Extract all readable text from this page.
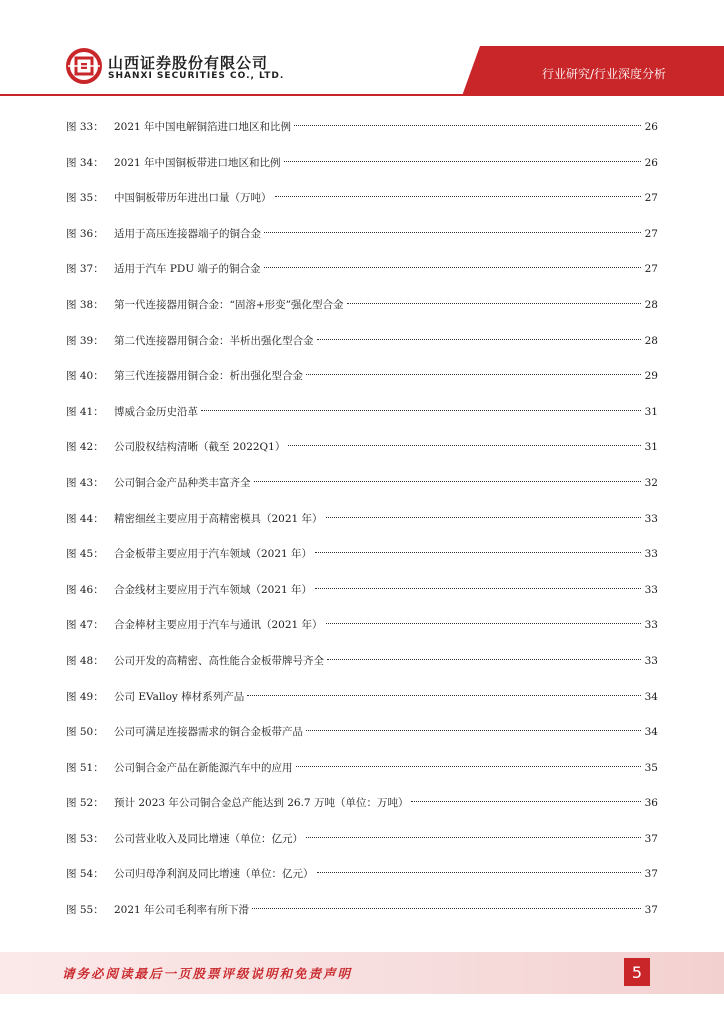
山西证券股份有限公司
SHANXI SECURITIES CO., LTD.	行业研究/行业深度分析
图 33： 2021 年中国电解铜箔进口地区和比例	26
图 34： 2021 年中国铜板带进口地区和比例	26
图 35： 中国铜板带历年进出口量（万吨）	27
图 36： 适用于高压连接器端子的铜合金	27
图 37： 适用于汽车 PDU 端子的铜合金	27
图 38： 第一代连接器用铜合金：“固溶+形变”强化型合金	28
图 39： 第二代连接器用铜合金：半析出强化型合金	28
图 40： 第三代连接器用铜合金：析出强化型合金	29
图 41： 博威合金历史沿革	31
图 42： 公司股权结构清晰（截至 2022Q1）	31
图 43： 公司铜合金产品种类丰富齐全	32
图 44： 精密细丝主要应用于高精密模具（2021 年）	33
图 45： 合金板带主要应用于汽车领域（2021 年）	33
图 46： 合金线材主要应用于汽车领域（2021 年）	33
图 47： 合金棒材主要应用于汽车与通讯（2021 年）	33
图 48： 公司开发的高精密、高性能合金板带牌号齐全	33
图 49： 公司 EValloy 棒材系列产品	34
图 50： 公司可满足连接器需求的铜合金板带产品	34
图 51： 公司铜合金产品在新能源汽车中的应用	35
图 52： 预计 2023 年公司铜合金总产能达到 26.7 万吨（单位：万吨）	36
图 53： 公司营业收入及同比增速（单位：亿元）	37
图 54： 公司归母净利润及同比增速（单位：亿元）	37
图 55： 2021 年公司毛利率有所下滑	37
请务必阅读最后一页股票评级说明和免责声明	5
